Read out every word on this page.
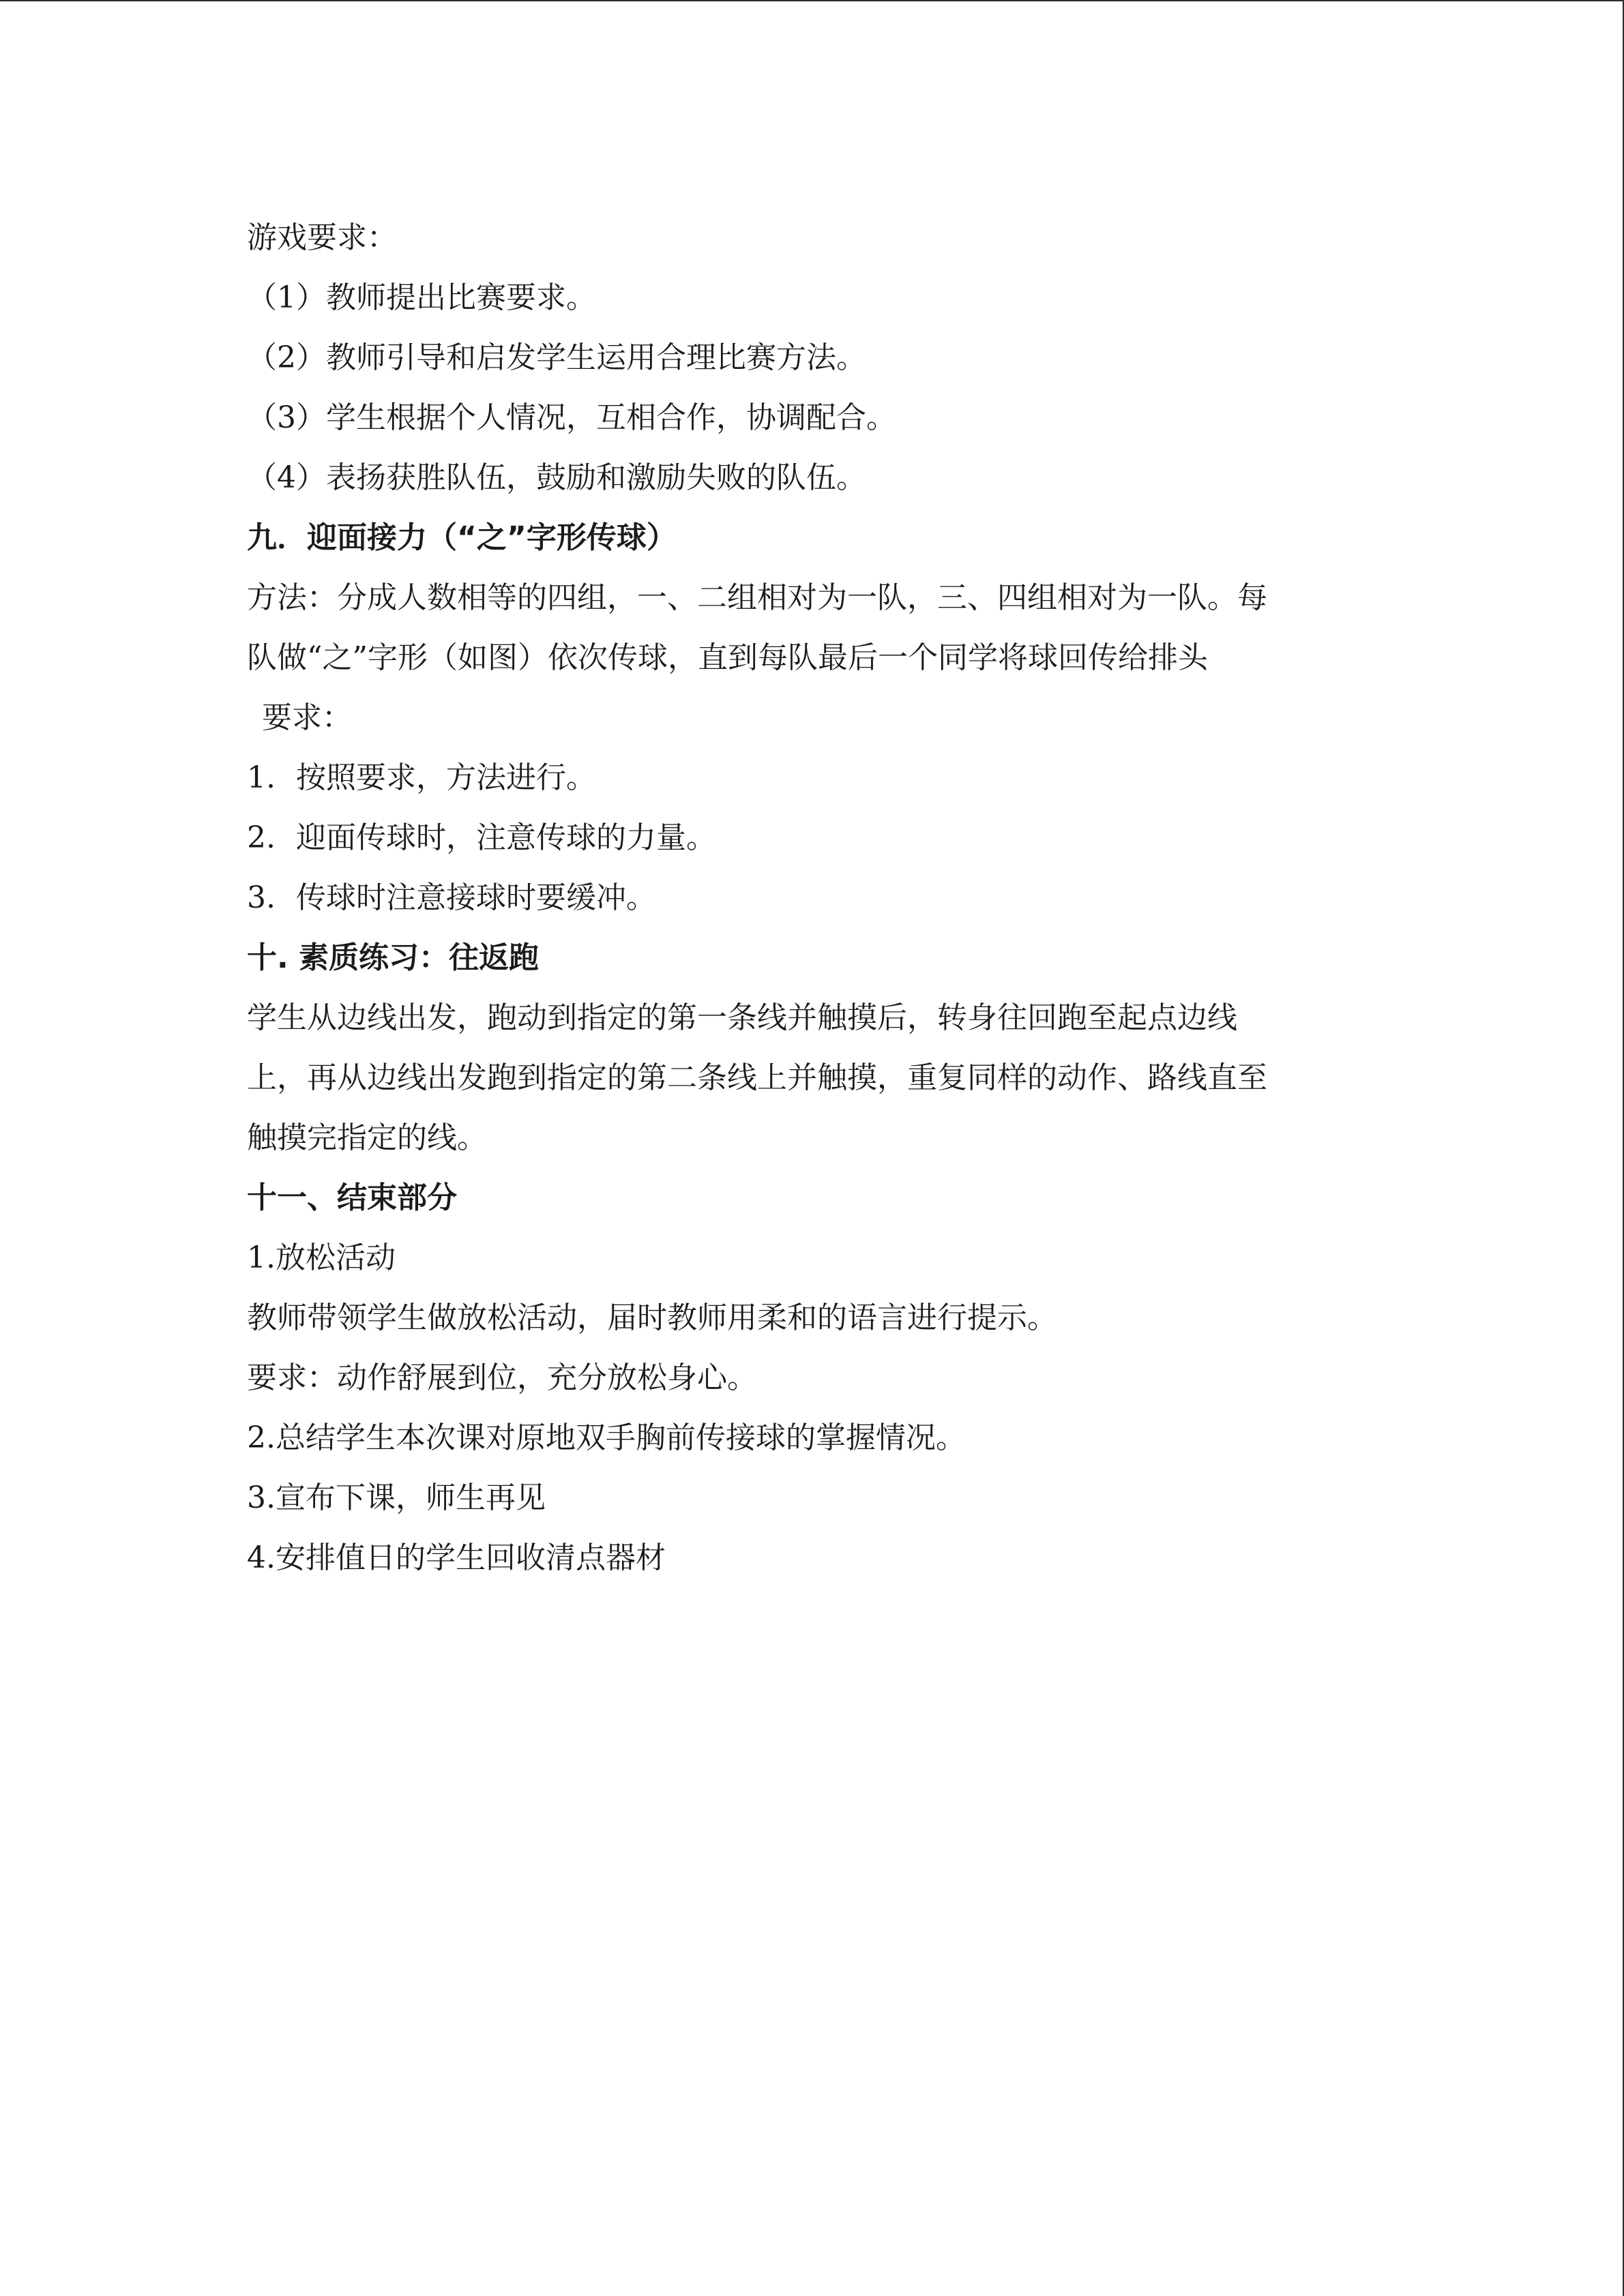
游戏要求：
（1）教师提出比赛要求。
（2）教师引导和启发学生运用合理比赛方法。
（3）学生根据个人情况，互相合作，协调配合。
（4）表扬获胜队伍，鼓励和激励失败的队伍。
九．迎面接力（“之”字形传球）
方法：分成人数相等的四组，一、二组相对为一队，三、四组相对为一队。每
队做“之”字形（如图）依次传球，直到每队最后一个同学将球回传给排头
要求：
1. 按照要求，方法进行。
2. 迎面传球时，注意传球的力量。
3. 传球时注意接球时要缓冲。
十. 素质练习：往返跑
学生从边线出发，跑动到指定的第一条线并触摸后，转身往回跑至起点边线
上，再从边线出发跑到指定的第二条线上并触摸，重复同样的动作、路线直至
触摸完指定的线。
十一、结束部分
1.放松活动
教师带领学生做放松活动，届时教师用柔和的语言进行提示。
要求：动作舒展到位，充分放松身心。
2.总结学生本次课对原地双手胸前传接球的掌握情况。
3.宣布下课，师生再见
4.安排值日的学生回收清点器材
